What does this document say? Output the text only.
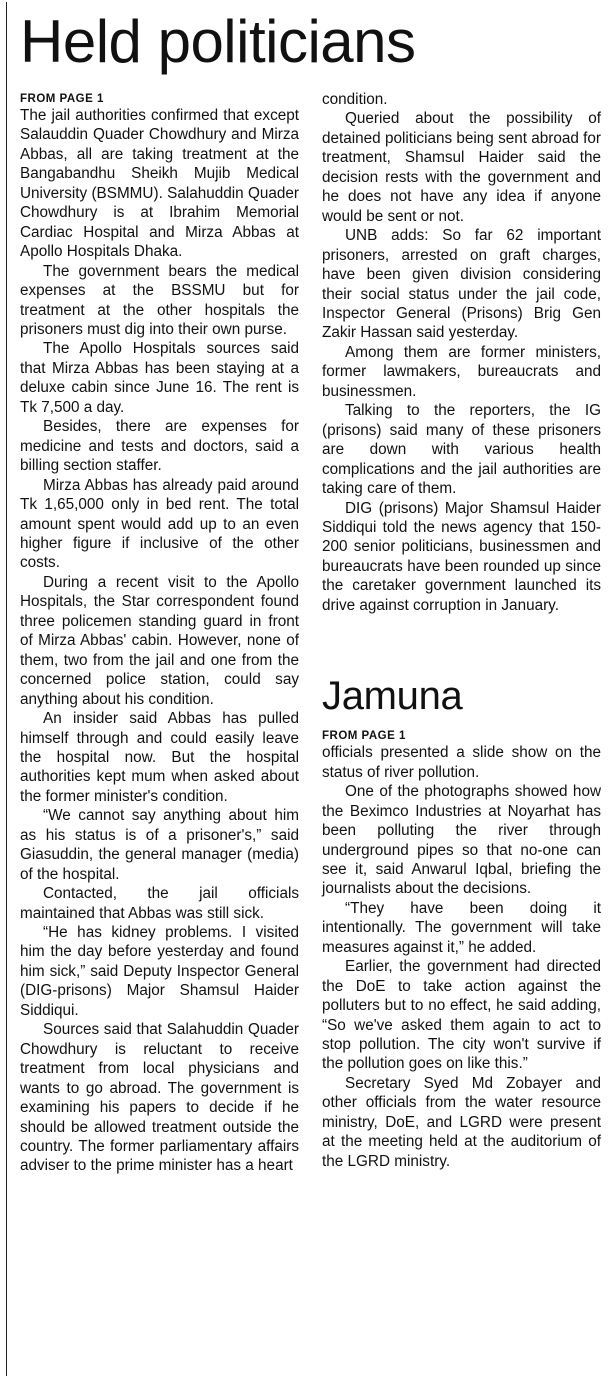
Held politicians
FROM PAGE 1

The jail authorities confirmed that except Salauddin Quader Chowdhury and Mirza Abbas, all are taking treatment at the Bangabandhu Sheikh Mujib Medical University (BSMMU). Salahuddin Quader Chowdhury is at Ibrahim Memorial Cardiac Hospital and Mirza Abbas at Apollo Hospitals Dhaka.

The government bears the medical expenses at the BSSMU but for treatment at the other hospitals the prisoners must dig into their own purse.

The Apollo Hospitals sources said that Mirza Abbas has been staying at a deluxe cabin since June 16. The rent is Tk 7,500 a day.

Besides, there are expenses for medicine and tests and doctors, said a billing section staffer.

Mirza Abbas has already paid around Tk 1,65,000 only in bed rent. The total amount spent would add up to an even higher figure if inclusive of the other costs.

During a recent visit to the Apollo Hospitals, the Star correspondent found three policemen standing guard in front of Mirza Abbas' cabin. However, none of them, two from the jail and one from the concerned police station, could say anything about his condition.

An insider said Abbas has pulled himself through and could easily leave the hospital now. But the hospital authorities kept mum when asked about the former minister's condition.

“We cannot say anything about him as his status is of a prisoner's,” said Giasuddin, the general manager (media) of the hospital.

Contacted, the jail officials maintained that Abbas was still sick.

“He has kidney problems. I visited him the day before yesterday and found him sick,” said Deputy Inspector General (DIG-prisons) Major Shamsul Haider Siddiqui.

Sources said that Salahuddin Quader Chowdhury is reluctant to receive treatment from local physicians and wants to go abroad. The government is examining his papers to decide if he should be allowed treatment outside the country. The former parliamentary affairs adviser to the prime minister has a heart

condition.

Queried about the possibility of detained politicians being sent abroad for treatment, Shamsul Haider said the decision rests with the government and he does not have any idea if anyone would be sent or not.

UNB adds: So far 62 important prisoners, arrested on graft charges, have been given division considering their social status under the jail code, Inspector General (Prisons) Brig Gen Zakir Hassan said yesterday.

Among them are former ministers, former lawmakers, bureaucrats and businessmen.

Talking to the reporters, the IG (prisons) said many of these prisoners are down with various health complications and the jail authorities are taking care of them.

DIG (prisons) Major Shamsul Haider Siddiqui told the news agency that 150-200 senior politicians, businessmen and bureaucrats have been rounded up since the caretaker government launched its drive against corruption in January.

Jamuna
FROM PAGE 1

officials presented a slide show on the status of river pollution.

One of the photographs showed how the Beximco Industries at Noyarhat has been polluting the river through underground pipes so that no-one can see it, said Anwarul Iqbal, briefing the journalists about the decisions.

“They have been doing it intentionally. The government will take measures against it,” he added.

Earlier, the government had directed the DoE to take action against the polluters but to no effect, he said adding, “So we've asked them again to act to stop pollution. The city won't survive if the pollution goes on like this.”

Secretary Syed Md Zobayer and other officials from the water resource ministry, DoE, and LGRD were present at the meeting held at the auditorium of the LGRD ministry.
